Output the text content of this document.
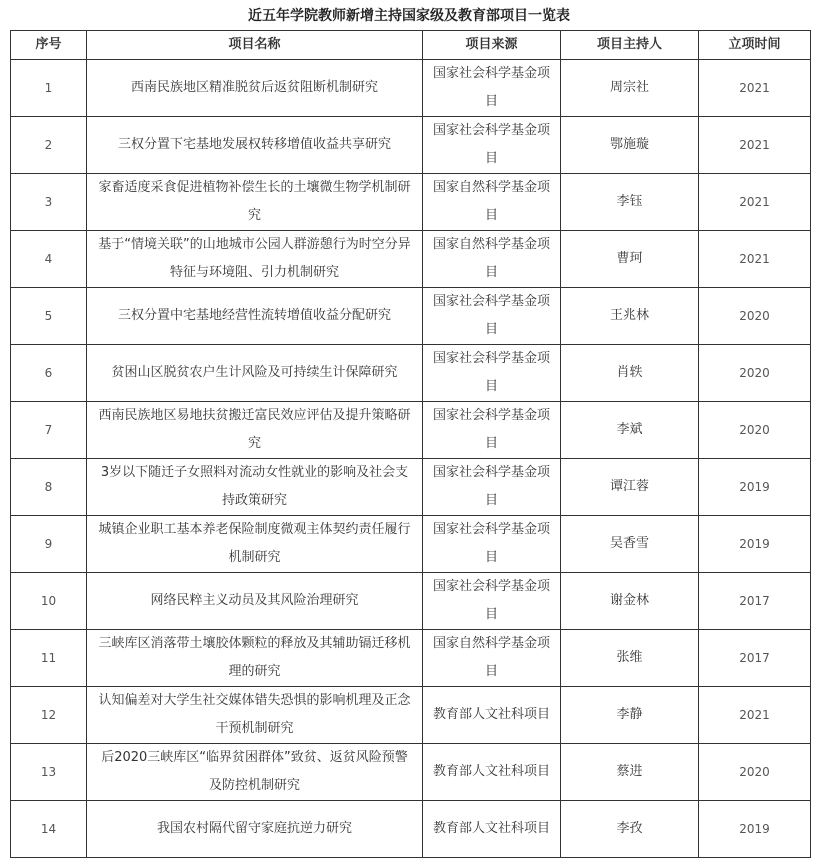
近五年学院教师新增主持国家级及教育部项目一览表
序号	项目名称	项目来源	项目主持人	立项时间
1	西南民族地区精准脱贫后返贫阻断机制研究	国家社会科学基金项目	周宗社	2021
2	三权分置下宅基地发展权转移增值收益共享研究	国家社会科学基金项目	鄂施璇	2021
3	家畜适度采食促进植物补偿生长的土壤微生物学机制研究	国家自然科学基金项目	李钰	2021
4	基于“情境关联”的山地城市公园人群游憩行为时空分异特征与环境阻、引力机制研究	国家自然科学基金项目	曹珂	2021
5	三权分置中宅基地经营性流转增值收益分配研究	国家社会科学基金项目	王兆林	2020
6	贫困山区脱贫农户生计风险及可持续生计保障研究	国家社会科学基金项目	肖轶	2020
7	西南民族地区易地扶贫搬迁富民效应评估及提升策略研究	国家社会科学基金项目	李斌	2020
8	3岁以下随迁子女照料对流动女性就业的影响及社会支持政策研究	国家社会科学基金项目	谭江蓉	2019
9	城镇企业职工基本养老保险制度微观主体契约责任履行机制研究	国家社会科学基金项目	吴香雪	2019
10	网络民粹主义动员及其风险治理研究	国家社会科学基金项目	谢金林	2017
11	三峡库区消落带土壤胶体颗粒的释放及其辅助镉迁移机理的研究	国家自然科学基金项目	张维	2017
12	认知偏差对大学生社交媒体错失恐惧的影响机理及正念干预机制研究	教育部人文社科项目	李静	2021
13	后2020三峡库区“临界贫困群体”致贫、返贫风险预警及防控机制研究	教育部人文社科项目	蔡进	2020
14	我国农村隔代留守家庭抗逆力研究	教育部人文社科项目	李孜	2019
